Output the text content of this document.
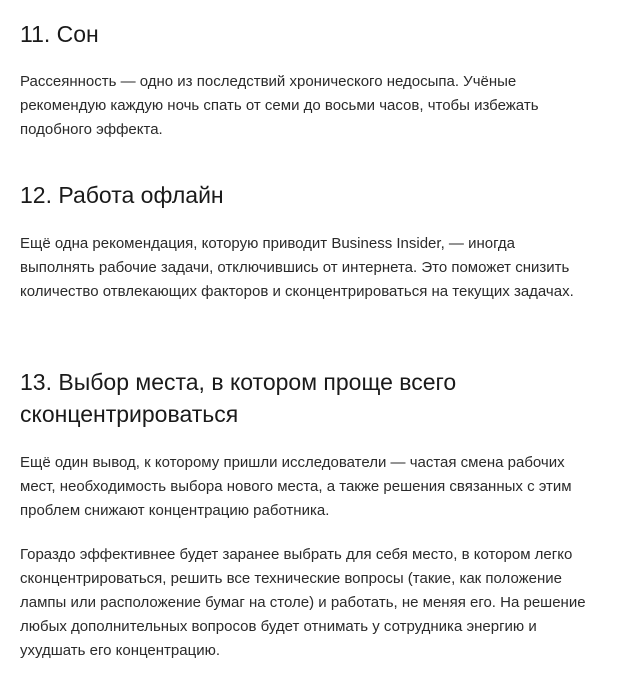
11. Сон

Рассеянность — одно из последствий хронического недосыпа. Учёные рекомендую каждую ночь спать от семи до восьми часов, чтобы избежать подобного эффекта.

12. Работа офлайн

Ещё одна рекомендация, которую приводит Business Insider, — иногда выполнять рабочие задачи, отключившись от интернета. Это поможет снизить количество отвлекающих факторов и сконцентрироваться на текущих задачах.

13. Выбор места, в котором проще всего сконцентрироваться

Ещё один вывод, к которому пришли исследователи — частая смена рабочих мест, необходимость выбора нового места, а также решения связанных с этим проблем снижают концентрацию работника.

Гораздо эффективнее будет заранее выбрать для себя место, в котором легко сконцентрироваться, решить все технические вопросы (такие, как положение лампы или расположение бумаг на столе) и работать, не меняя его. На решение любых дополнительных вопросов будет отнимать у сотрудника энергию и ухудшать его концентрацию.
